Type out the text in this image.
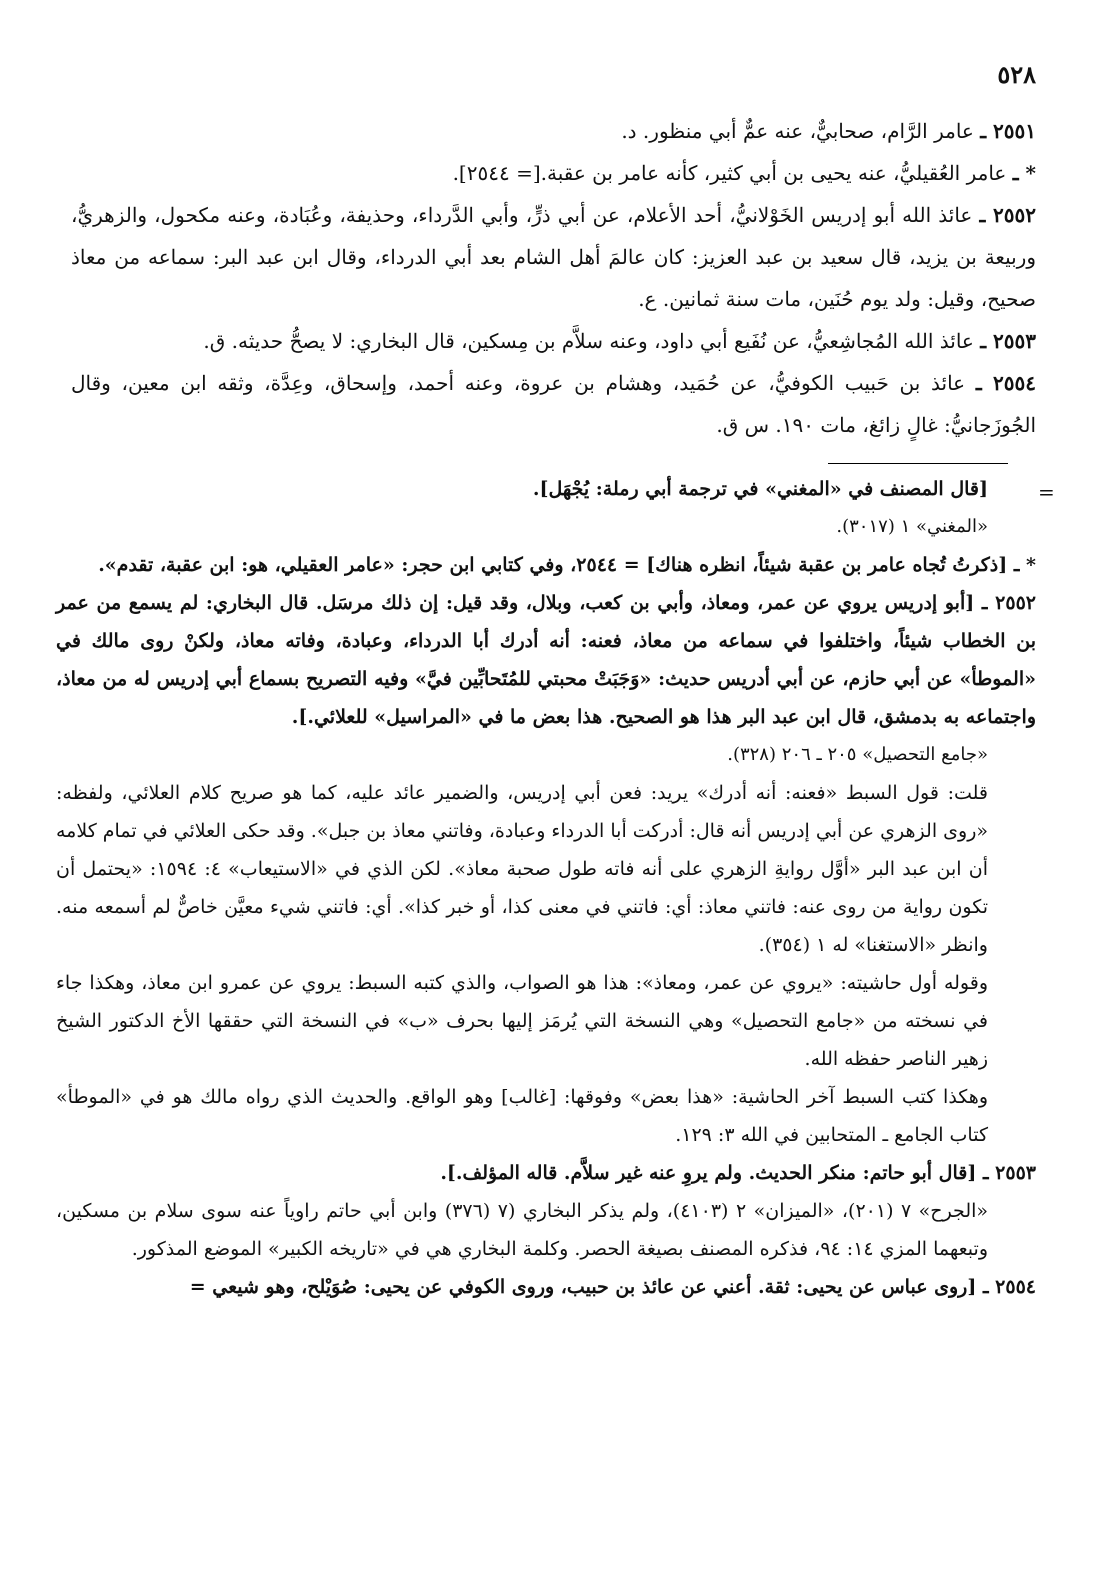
٥٢٨

٢٥٥١ ـ عامر الرَّام، صحابيٌّ، عنه عمٌّ أبي منظور. د.

* ـ عامر العُقيليُّ، عنه يحيى بن أبي كثير، كأنه عامر بن عقبة.[= ٢٥٤٤].

٢٥٥٢ ـ عائذ الله أبو إدريس الخَوْلانيُّ، أحد الأعلام، عن أبي ذرٍّ، وأبي الدَّرداء، وحذيفة، وعُبَادة، وعنه مكحول، والزهريُّ، وربيعة بن يزيد، قال سعيد بن عبد العزيز: كان عالمَ أهل الشام بعد أبي الدرداء، وقال ابن عبد البر: سماعه من معاذ صحيح، وقيل: ولد يوم حُنَين، مات سنة ثمانين. ع.

٢٥٥٣ ـ عائذ الله المُجاشِعيُّ، عن نُفَيع أبي داود، وعنه سلاَّم بن مِسكين، قال البخاري: لا يصحُّ حديثه. ق.

٢٥٥٤ ـ عائذ بن حَبيب الكوفيُّ، عن حُمَيد، وهشام بن عروة، وعنه أحمد، وإسحاق، وعِدَّة، وثقه ابن معين، وقال الجُوزَجانيُّ: غالٍ زائغ، مات ١٩٠. س ق.

=

[قال المصنف في «المغني» في ترجمة أبي رملة: يُجْهَل].

«المغني» ١ (٣٠١٧).

* ـ [ذكرتُ تُجاه عامر بن عقبة شيئاً، انظره هناك] = ٢٥٤٤، وفي كتابي ابن حجر: «عامر العقيلي، هو: ابن عقبة، تقدم».

٢٥٥٢ ـ [أبو إدريس يروي عن عمر، ومعاذ، وأبي بن كعب، وبلال، وقد قيل: إن ذلك مرسَل. قال البخاري: لم يسمع من عمر بن الخطاب شيئاً، واختلفوا في سماعه من معاذ، فعنه: أنه أدرك أبا الدرداء، وعبادة، وفاته معاذ، ولكنْ روى مالك في «الموطأ» عن أبي حازم، عن أبي أدريس حديث: «وَجَبَتْ محبتي للمُتَحابِّين فيَّ» وفيه التصريح بسماع أبي إدريس له من معاذ، واجتماعه به بدمشق، قال ابن عبد البر هذا هو الصحيح. هذا بعض ما في «المراسيل» للعلائي.].

«جامع التحصيل» ٢٠٥ ـ ٢٠٦ (٣٢٨).

قلت: قول السبط «فعنه: أنه أدرك» يريد: فعن أبي إدريس، والضمير عائد عليه، كما هو صريح كلام العلائي، ولفظه: «روى الزهري عن أبي إدريس أنه قال: أدركت أبا الدرداء وعبادة، وفاتني معاذ بن جبل». وقد حكى العلائي في تمام كلامه أن ابن عبد البر «أوَّل روايةِ الزهري على أنه فاته طول صحبة معاذ». لكن الذي في «الاستيعاب» ٤: ١٥٩٤: «يحتمل أن تكون رواية من روى عنه: فاتني معاذ: أي: فاتني في معنى كذا، أو خبر كذا». أي: فاتني شيء معيَّن خاصٌّ لم أسمعه منه. وانظر «الاستغنا» له ١ (٣٥٤).

وقوله أول حاشيته: «يروي عن عمر، ومعاذ»: هذا هو الصواب، والذي كتبه السبط: يروي عن عمرو ابن معاذ، وهكذا جاء في نسخته من «جامع التحصيل» وهي النسخة التي يُرمَز إليها بحرف «ب» في النسخة التي حققها الأخ الدكتور الشيخ زهير الناصر حفظه الله.

وهكذا كتب السبط آخر الحاشية: «هذا بعض» وفوقها: [غالب] وهو الواقع. والحديث الذي رواه مالك هو في «الموطأ» كتاب الجامع ـ المتحابين في الله ٣: ١٢٩.

٢٥٥٣ ـ [قال أبو حاتم: منكر الحديث. ولم يروِ عنه غير سلاَّم. قاله المؤلف.].

«الجرح» ٧ (٢٠١)، «الميزان» ٢ (٤١٠٣)، ولم يذكر البخاري (٧ (٣٧٦) وابن أبي حاتم راوياً عنه سوى سلام بن مسكين، وتبعهما المزي ١٤: ٩٤، فذكره المصنف بصيغة الحصر. وكلمة البخاري هي في «تاريخه الكبير» الموضع المذكور.

٢٥٥٤ ـ [روى عباس عن يحيى: ثقة. أعني عن عائذ بن حبيب، وروى الكوفي عن يحيى: صُوَيْلح، وهو شيعي =
